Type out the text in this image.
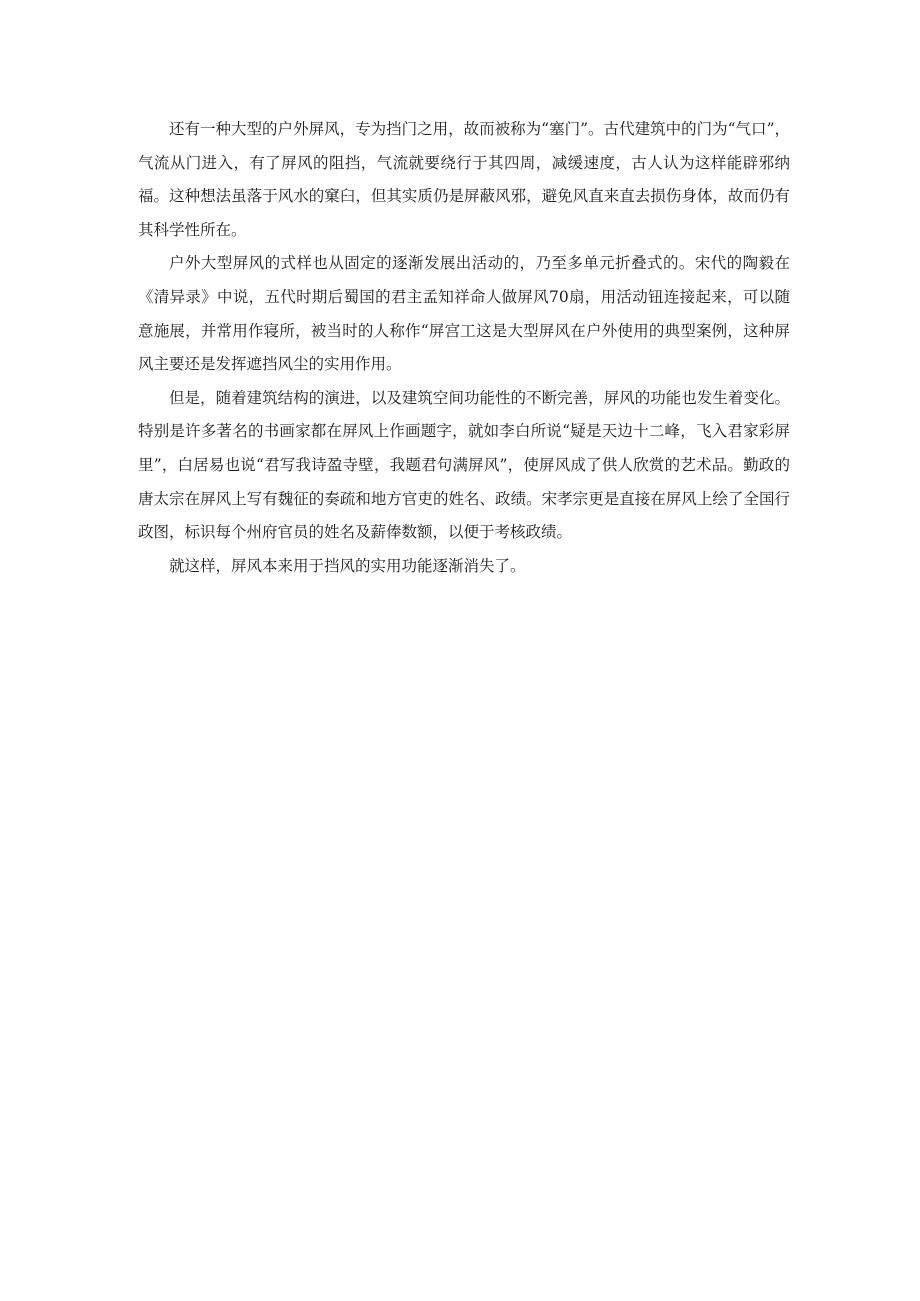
还有一种大型的户外屏风，专为挡门之用，故而被称为“塞门”。古代建筑中的门为“气口”，气流从门进入，有了屏风的阻挡，气流就要绕行于其四周，减缓速度，古人认为这样能辟邪纳福。这种想法虽落于风水的窠臼，但其实质仍是屏蔽风邪，避免风直来直去损伤身体，故而仍有其科学性所在。

户外大型屏风的式样也从固定的逐渐发展出活动的，乃至多单元折叠式的。宋代的陶毅在《清异录》中说，五代时期后蜀国的君主孟知祥命人做屏风70扇，用活动钮连接起来，可以随意施展，并常用作寝所，被当时的人称作“屏宫工这是大型屏风在户外使用的典型案例，这种屏风主要还是发挥遮挡风尘的实用作用。

但是，随着建筑结构的演进，以及建筑空间功能性的不断完善，屏风的功能也发生着变化。特别是许多著名的书画家都在屏风上作画题字，就如李白所说“疑是天边十二峰，飞入君家彩屏里”，白居易也说“君写我诗盈寺壁，我题君句满屏风”，使屏风成了供人欣赏的艺术品。勤政的唐太宗在屏风上写有魏征的奏疏和地方官吏的姓名、政绩。宋孝宗更是直接在屏风上绘了全国行政图，标识每个州府官员的姓名及薪俸数额，以便于考核政绩。

就这样，屏风本来用于挡风的实用功能逐渐消失了。
